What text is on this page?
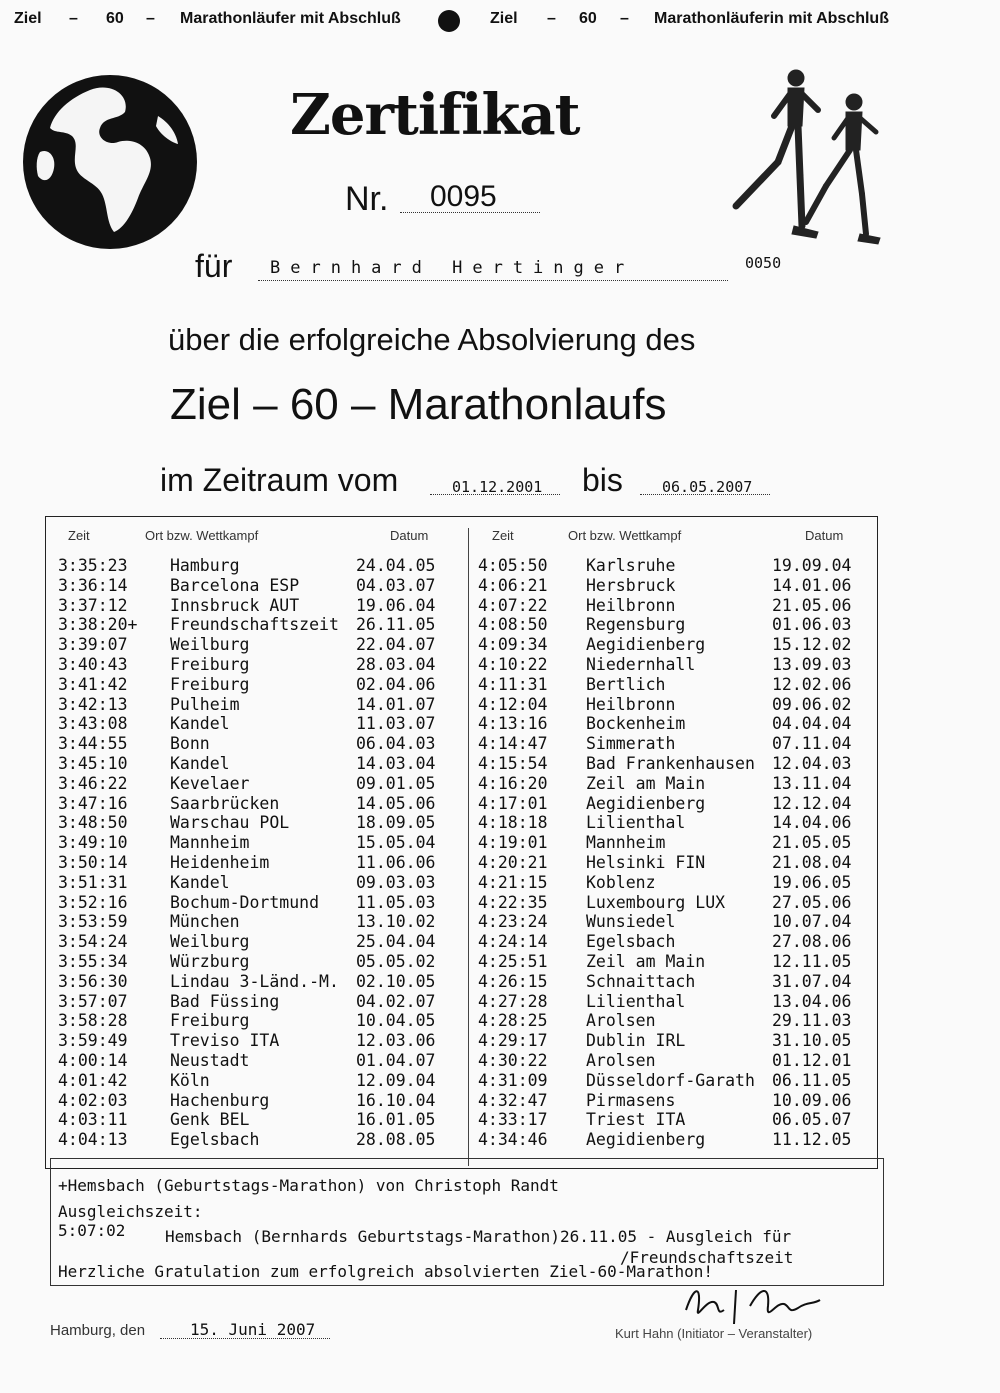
Ziel – 60 – Marathonläufer mit Abschluß	Ziel – 60 – Marathonläuferin mit Abschluß
Zertifikat
Nr. 0095
für Bernhard Hertinger	0050
über die erfolgreiche Absolvierung des
Ziel – 60 – Marathonlaufs
im Zeitraum vom	01.12.2001 bis	06.05.2007
Zeit	Ort bzw. Wettkampf	Datum	Zeit	Ort bzw. Wettkampf	Datum
3:35:23	Hamburg	24.04.05
3:36:14	Barcelona ESP	04.03.07
3:37:12	Innsbruck AUT	19.06.04
3:38:20+ Freundschaftszeit 26.11.05
3:39:07	Weilburg	22.04.07
3:40:43	Freiburg	28.03.04
3:41:42	Freiburg	02.04.06
3:42:13	Pulheim	14.01.07
3:43:08	Kandel	11.03.07
3:44:55	Bonn	06.04.03
3:45:10	Kandel	14.03.04
3:46:22	Kevelaer	09.01.05
3:47:16	Saarbrücken	14.05.06
3:48:50	Warschau POL	18.09.05
3:49:10	Mannheim	15.05.04
3:50:14	Heidenheim	11.06.06
3:51:31	Kandel	09.03.03
3:52:16	Bochum-Dortmund 11.05.03
3:53:59	München	13.10.02
3:54:24	Weilburg	25.04.04
3:55:34	Würzburg	05.05.02
3:56:30	Lindau 3-Länd.-M. 02.10.05
3:57:07	Bad Füssing	04.02.07
3:58:28	Freiburg	10.04.05
3:59:49	Treviso ITA	12.03.06
4:00:14	Neustadt	01.04.07
4:01:42	Köln	12.09.04
4:02:03	Hachenburg	16.10.04
4:03:11	Genk BEL	16.01.05
4:04:13	Egelsbach	28.08.05
4:05:50 Karlsruhe	19.09.04
4:06:21 Hersbruck	14.01.06
4:07:22 Heilbronn	21.05.06
4:08:50 Regensburg	01.06.03
4:09:34 Aegidienberg	15.12.02
4:10:22 Niedernhall	13.09.03
4:11:31 Bertlich	12.02.06
4:12:04 Heilbronn	09.06.02
4:13:16 Bockenheim	04.04.04
4:14:47 Simmerath	07.11.04
4:15:54 Bad Frankenhausen 12.04.03
4:16:20 Zeil am Main	13.11.04
4:17:01 Aegidienberg	12.12.04
4:18:18 Lilienthal	14.04.06
4:19:01 Mannheim	21.05.05
4:20:21 Helsinki FIN	21.08.04
4:21:15 Koblenz	19.06.05
4:22:35 Luxembourg LUX	27.05.06
4:23:24 Wunsiedel	10.07.04
4:24:14 Egelsbach	27.08.06
4:25:51 Zeil am Main	12.11.05
4:26:15 Schnaittach	31.07.04
4:27:28 Lilienthal	13.04.06
4:28:25 Arolsen	29.11.03
4:29:17 Dublin IRL	31.10.05
4:30:22 Arolsen	01.12.01
4:31:09 Düsseldorf-Garath 06.11.05
4:32:47 Pirmasens	10.09.06
4:33:17 Triest ITA	06.05.07
4:34:46 Aegidienberg	11.12.05
+Hemsbach (Geburtstags-Marathon) von Christoph Randt
Ausgleichszeit:
5:07:02 Hemsbach (Bernhards Geburtstags-Marathon)26.11.05 - Ausgleich für
/Freundschaftszeit
Herzliche Gratulation zum erfolgreich absolvierten Ziel-60-Marathon!
Hamburg, den	15. Juni 2007	Kurt Hahn (Initiator – Veranstalter)
